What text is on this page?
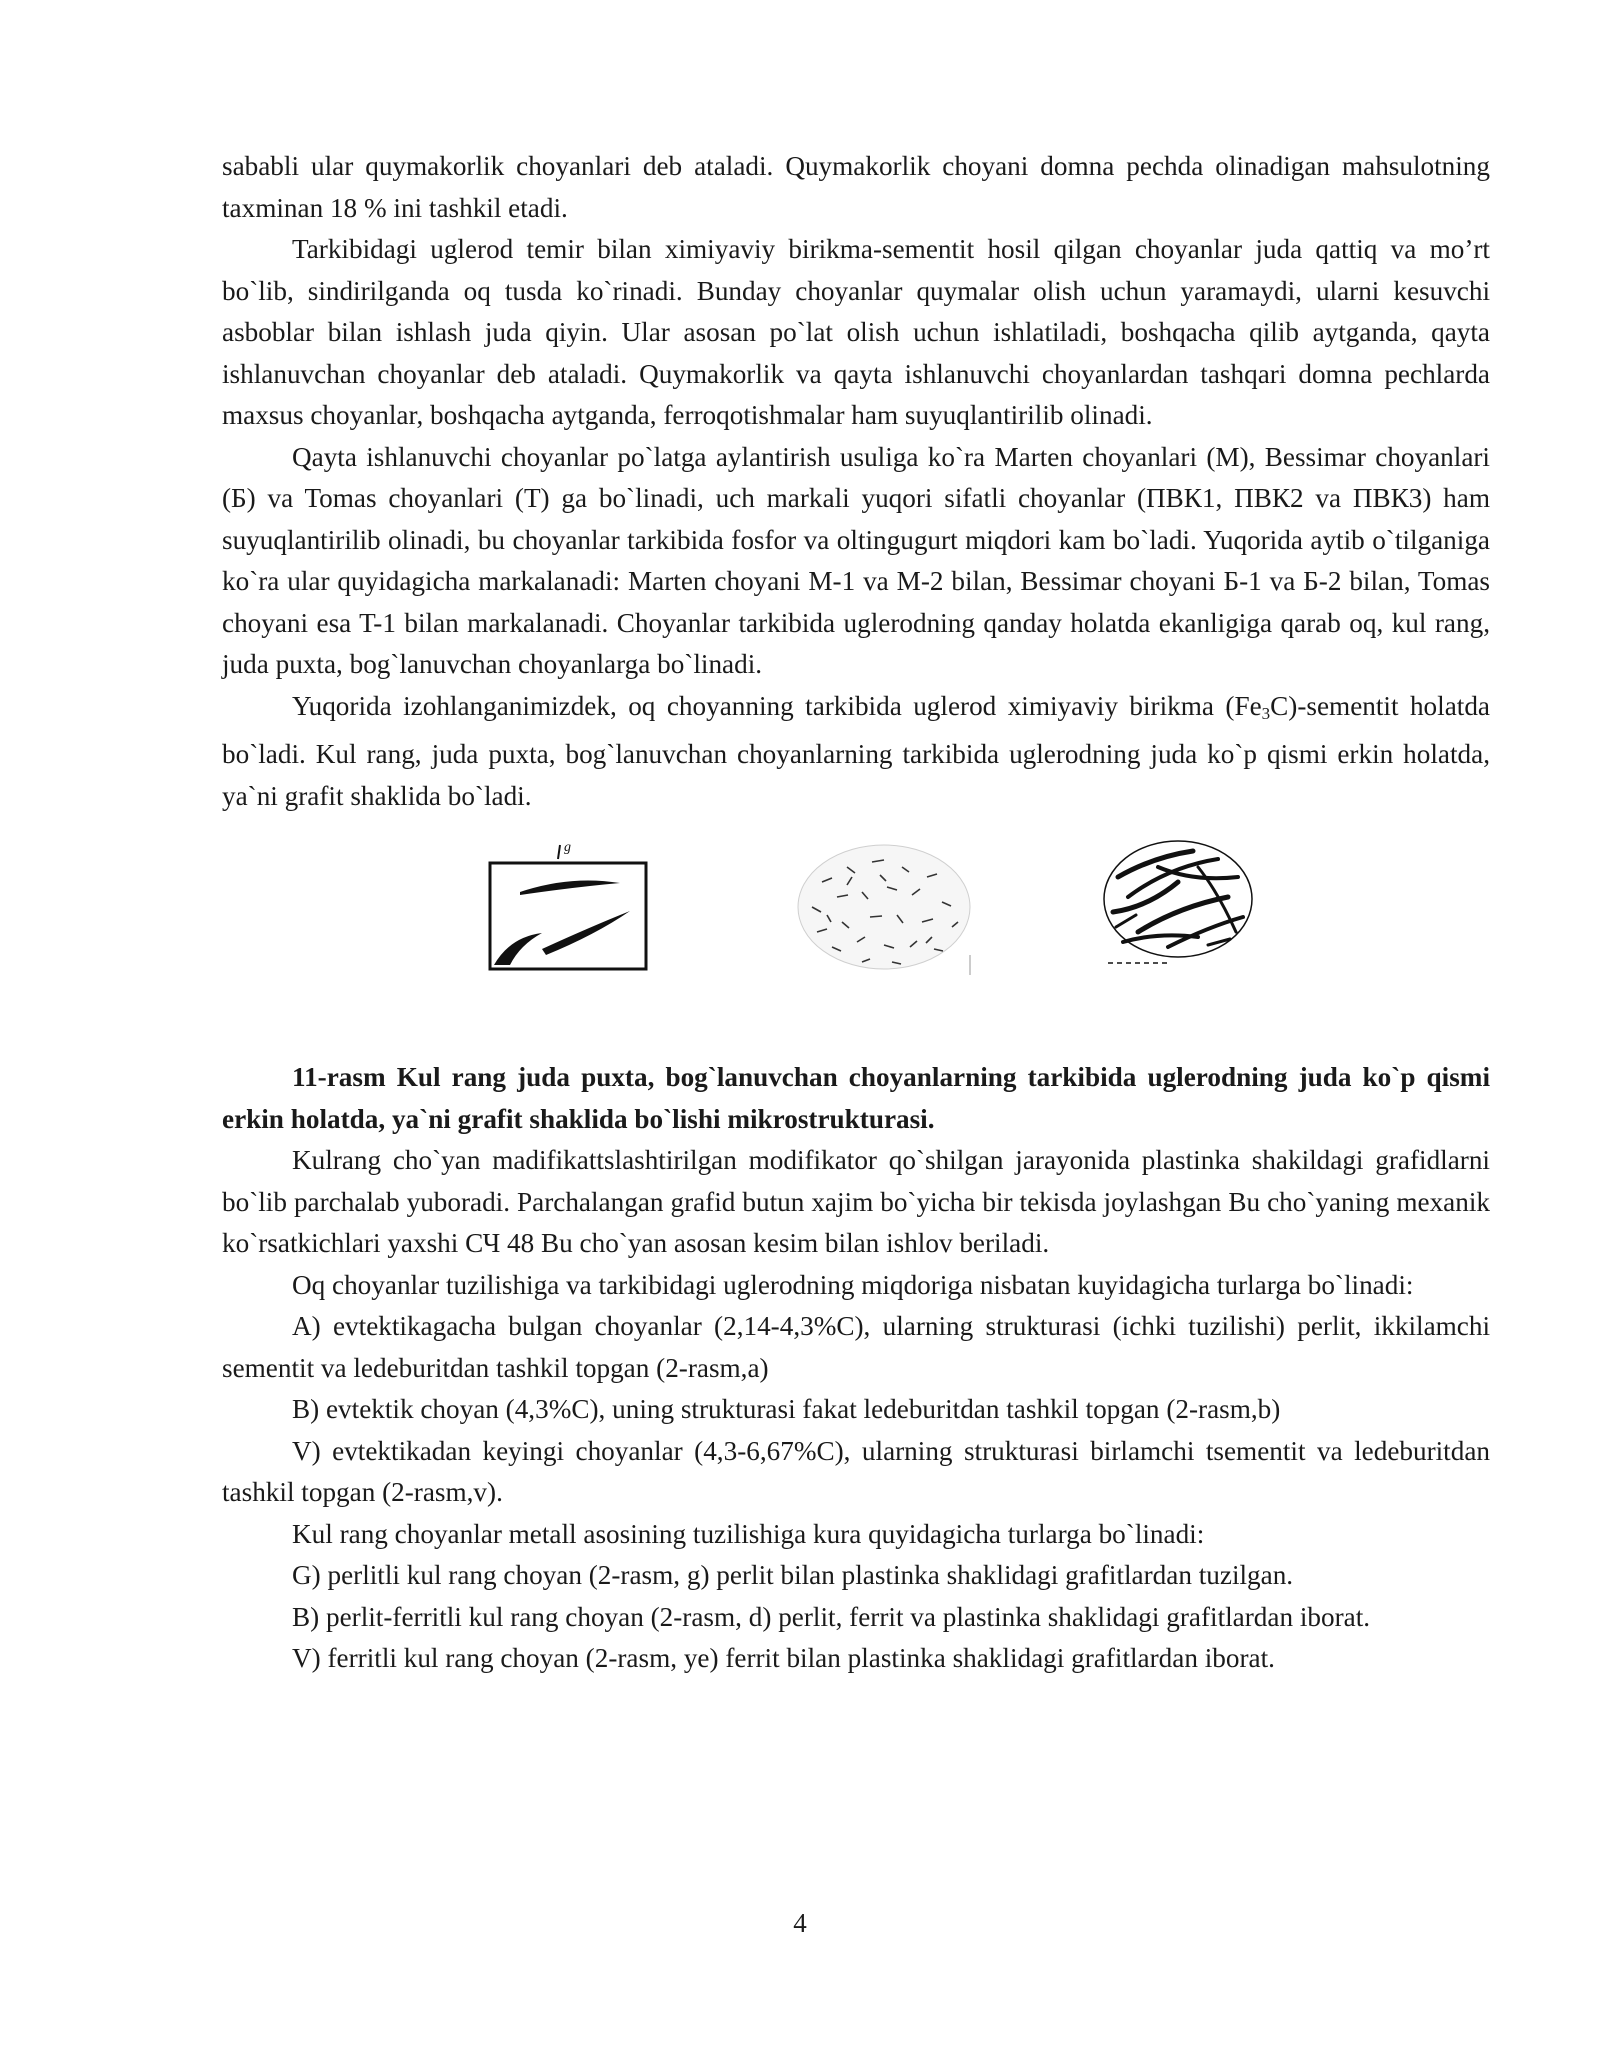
sababli ular quymakorlik choyanlari deb ataladi. Quymakorlik choyani domna pechda olinadigan mahsulotning taxminan 18 % ini tashkil etadi.

Tarkibidagi uglerod temir bilan ximiyaviy birikma-sementit hosil qilgan choyanlar juda qattiq va mo’rt bo`lib, sindirilganda oq tusda ko`rinadi. Bunday choyanlar quymalar olish uchun yaramaydi, ularni kesuvchi asboblar bilan ishlash juda qiyin. Ular asosan po`lat olish uchun ishlatiladi, boshqacha qilib aytganda, qayta ishlanuvchan choyanlar deb ataladi. Quymakorlik va qayta ishlanuvchi choyanlardan tashqari domna pechlarda maxsus choyanlar, boshqacha aytganda, ferroqotishmalar ham suyuqlantirilib olinadi.

Qayta ishlanuvchi choyanlar po`latga aylantirish usuliga ko`ra Marten choyanlari (M), Bessimar choyanlari (Б) va Tomas choyanlari (T) ga bo`linadi, uch markali yuqori sifatli choyanlar (ПВК1, ПВК2 va ПВК3) ham suyuqlantirilib olinadi, bu choyanlar tarkibida fosfor va oltingugurt miqdori kam bo`ladi. Yuqorida aytib o`tilganiga ko`ra ular quyidagicha markalanadi: Marten choyani M-1 va M-2 bilan, Bessimar choyani Б-1 va Б-2 bilan, Tomas choyani esa T-1 bilan markalanadi. Choyanlar tarkibida uglerodning qanday holatda ekanligiga qarab oq, kul rang, juda puxta, bog`lanuvchan choyanlarga bo`linadi.

Yuqorida izohlanganimizdek, oq choyanning tarkibida uglerod ximiyaviy birikma $(Fe_3C)$-sementit holatda bo`ladi. Kul rang, juda puxta, bog`lanuvchan choyanlarning tarkibida uglerodning juda ko`p qismi erkin holatda, ya`ni grafit shaklida bo`ladi.

g

11-rasm Kul rang juda puxta, bog`lanuvchan choyanlarning tarkibida uglerodning juda ko`p qismi erkin holatda, ya`ni grafit shaklida bo`lishi mikrostrukturasi.

Kulrang cho`yan madifikattslashtirilgan modifikator qo`shilgan jarayonida plastinka shakildagi grafidlarni bo`lib parchalab yuboradi. Parchalangan grafid butun xajim bo`yicha bir tekisda joylashgan Bu cho`yaning mexanik ko`rsatkichlari yaxshi СЧ 48 Bu cho`yan asosan kesim bilan ishlov beriladi.

Oq choyanlar tuzilishiga va tarkibidagi uglerodning miqdoriga nisbatan kuyidagicha turlarga bo`linadi:

A) evtektikagacha bulgan choyanlar (2,14-4,3%C), ularning strukturasi (ichki tuzilishi) perlit, ikkilamchi sementit va ledeburitdan tashkil topgan (2-rasm,a)

B) evtektik choyan (4,3%C), uning strukturasi fakat ledeburitdan tashkil topgan (2-rasm,b)

V) evtektikadan keyingi choyanlar (4,3-6,67%C), ularning strukturasi birlamchi tsementit va ledeburitdan tashkil topgan (2-rasm,v).

Kul rang choyanlar metall asosining tuzilishiga kura quyidagicha turlarga bo`linadi:

G) perlitli kul rang choyan (2-rasm, g) perlit bilan plastinka shaklidagi grafitlardan tuzilgan.

B) perlit-ferritli kul rang choyan (2-rasm, d) perlit, ferrit va plastinka shaklidagi grafitlardan iborat.

V) ferritli kul rang choyan (2-rasm, ye) ferrit bilan plastinka shaklidagi grafitlardan iborat.

4
